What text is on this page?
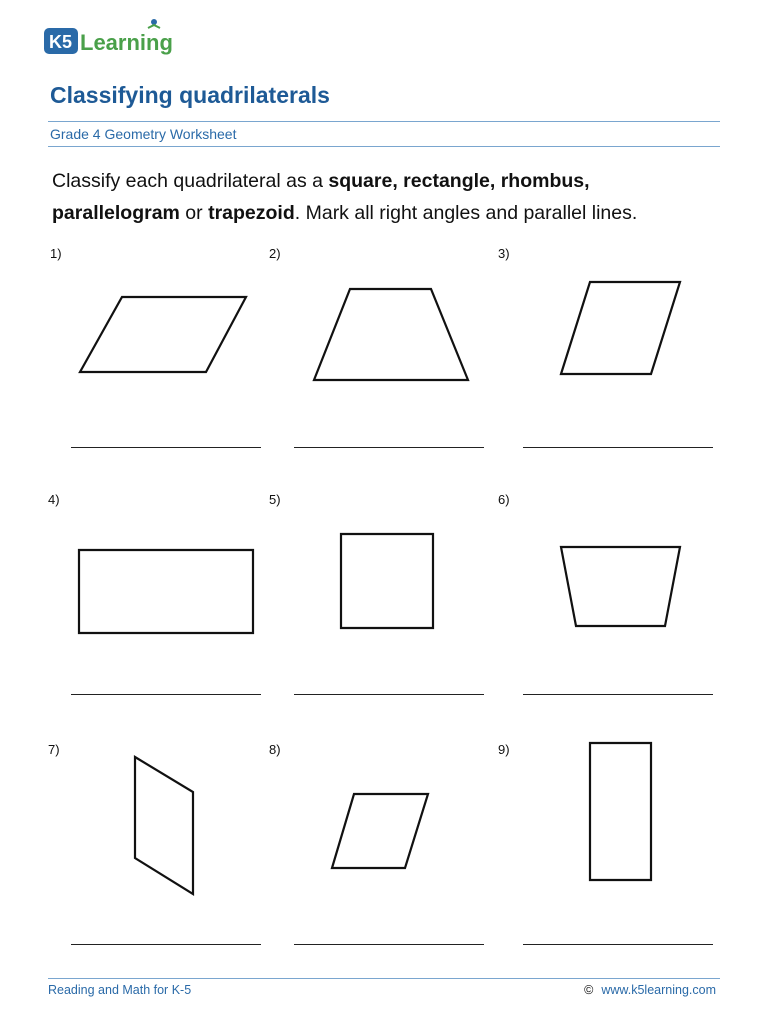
K5 Learning
Classifying quadrilaterals
Grade 4 Geometry Worksheet
Classify each quadrilateral as a square, rectangle, rhombus,
parallelogram or trapezoid. Mark all right angles and parallel lines.
1)	2)	3)
4)	5)	6)
7)	8)	9)
Reading and Math for K-5	© www.k5learning.com
